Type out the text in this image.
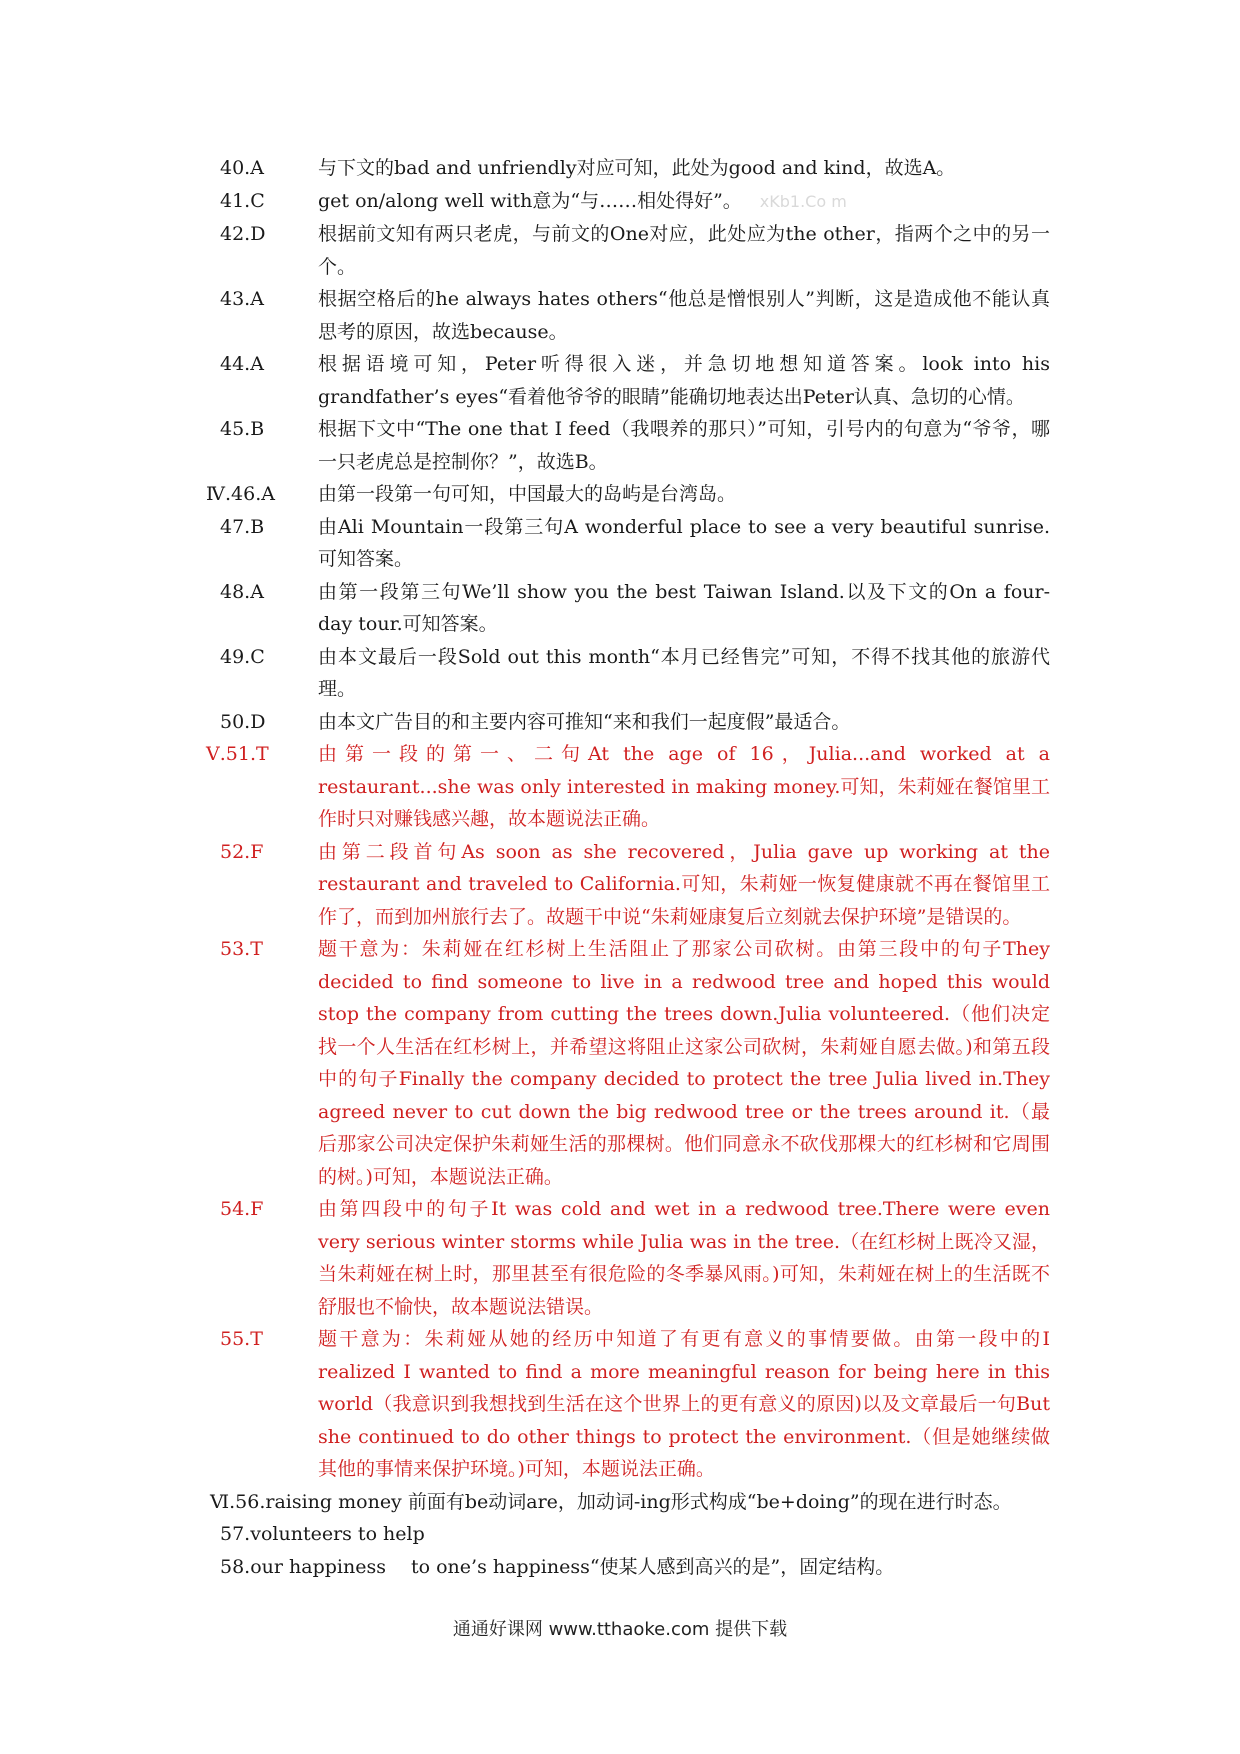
40.A	与下文的bad and unfriendly对应可知，此处为good and kind，故选A。
41.C	get on/along well with意为“与……相处得好”。 xKb1.Co m
42.D	根据前文知有两只老虎，与前文的One对应，此处应为the other，指两个之中的另一个。
43.A	根据空格后的he always hates others“他总是憎恨别人”判断，这是造成他不能认真思考的原因，故选because。
44.A	根据语境可知，Peter听得很入迷，并急切地想知道答案。look into his grandfather’s eyes“看着他爷爷的眼睛”能确切地表达出Peter认真、急切的心情。
45.B	根据下文中“The one that I feed（我喂养的那只）”可知，引号内的句意为“爷爷，哪一只老虎总是控制你？”，故选B。
Ⅳ.46.A	由第一段第一句可知，中国最大的岛屿是台湾岛。
47.B	由Ali Mountain一段第三句A wonderful place to see a very beautiful sunrise.可知答案。
48.A	由第一段第三句We’ll show you the best Taiwan Island.以及下文的On a four-day tour.可知答案。
49.C	由本文最后一段Sold out this month“本月已经售完”可知，不得不找其他的旅游代理。
50.D	由本文广告目的和主要内容可推知“来和我们一起度假”最适合。
Ⅴ.51.T	由第一段的第一、二句At the age of 16，Julia...and worked at a restaurant...she was only interested in making money.可知，朱莉娅在餐馆里工作时只对赚钱感兴趣，故本题说法正确。
52.F	由第二段首句As soon as she recovered，Julia gave up working at the restaurant and traveled to California.可知，朱莉娅一恢复健康就不再在餐馆里工作了，而到加州旅行去了。故题干中说“朱莉娅康复后立刻就去保护环境”是错误的。
53.T	题干意为：朱莉娅在红杉树上生活阻止了那家公司砍树。由第三段中的句子They decided to find someone to live in a redwood tree and hoped this would stop the company from cutting the trees down.Julia volunteered.（他们决定找一个人生活在红杉树上，并希望这将阻止这家公司砍树，朱莉娅自愿去做。)和第五段中的句子Finally the company decided to protect the tree Julia lived in.They agreed never to cut down the big redwood tree or the trees around it.（最后那家公司决定保护朱莉娅生活的那棵树。他们同意永不砍伐那棵大的红杉树和它周围的树。)可知，本题说法正确。
54.F	由第四段中的句子It was cold and wet in a redwood tree.There were even very serious winter storms while Julia was in the tree.（在红杉树上既冷又湿，当朱莉娅在树上时，那里甚至有很危险的冬季暴风雨。)可知，朱莉娅在树上的生活既不舒服也不愉快，故本题说法错误。
55.T	题干意为：朱莉娅从她的经历中知道了有更有意义的事情要做。由第一段中的I realized I wanted to find a more meaningful reason for being here in this world（我意识到我想找到生活在这个世界上的更有意义的原因)以及文章最后一句But she continued to do other things to protect the environment.（但是她继续做其他的事情来保护环境。)可知，本题说法正确。
Ⅵ.56.raising money 前面有be动词are，加动词-ing形式构成“be+doing”的现在进行时态。
57.volunteers to help
58.our happiness　 to one’s happiness“使某人感到高兴的是”，固定结构。
通通好课网 www.tthaoke.com 提供下载
